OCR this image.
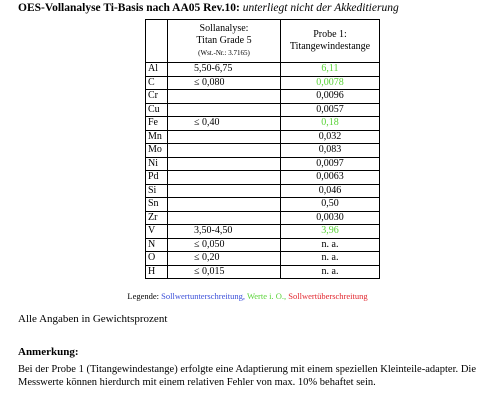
OES-Vollanalyse Ti-Basis nach AA05 Rev.10: unterliegt nicht der Akkeditierung
	Sollanalyse:
Titan Grade 5
(Wst.-Nr.: 3.7165)	Probe 1:
Titangewindestange
Al	5,50-6,75	6,11
C	≤ 0,080	0,0078
Cr		0,0096
Cu		0,0057
Fe	≤ 0,40	0,18
Mn		0,032
Mo		0,083
Ni		0,0097
Pd		0,0063
Si		0,046
Sn		0,50
Zr		0,0030
V	3,50-4,50	3,96
N	≤ 0,050	n. a.
O	≤ 0,20	n. a.
H	≤ 0,015	n. a.
Legende: Sollwertunterschreitung, Werte i. O., Sollwertüberschreitung
Alle Angaben in Gewichtsprozent
Anmerkung:
Bei der Probe 1 (Titangewindestange) erfolgte eine Adaptierung mit einem speziellen Kleinteile-adapter. Die Messwerte können hierdurch mit einem relativen Fehler von max. 10% behaftet sein.
